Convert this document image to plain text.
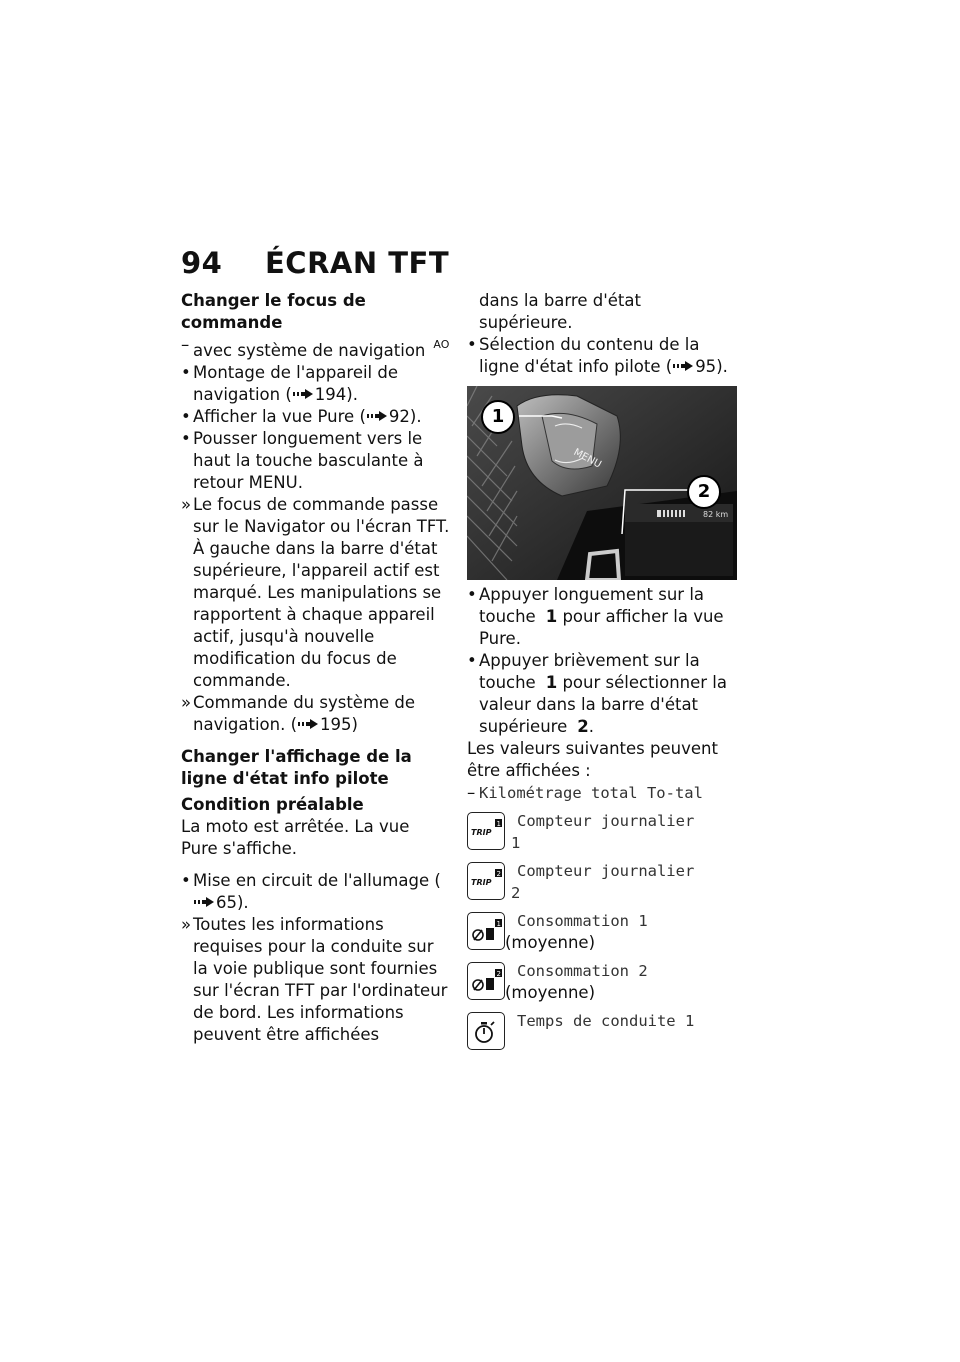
94	ÉCRAN TFT

Changer le focus de commande

– avec système de navigation $^{AO}$
• Montage de l'appareil de navigation ( 194).
• Afficher la vue Pure ( 92).
• Pousser longuement vers le haut la touche basculante à retour MENU.
» Le focus de commande passe sur le Navigator ou l'écran TFT. À gauche dans la barre d'état supérieure, l'appareil actif est marqué. Les manipulations se rapportent à chaque appareil actif, jusqu'à nouvelle modification du focus de commande.
» Commande du système de navigation. ( 195)

Changer l'affichage de la ligne d'état info pilote

Condition préalable

La moto est arrêtée. La vue Pure s'affiche.

• Mise en circuit de l'allumage (65).
» Toutes les informations requises pour la conduite sur la voie publique sont fournies sur l'écran TFT par l'ordinateur de bord. Les informations peuvent être affichées
dans la barre d'état supérieure.
• Sélection du contenu de la ligne d'état info pilote ( 95).
MENU
82 km
1
2
• Appuyer longuement sur la touche 1 pour afficher la vue Pure.
• Appuyer brièvement sur la touche 1 pour sélectionner la valeur dans la barre d'état supérieure 2.

Les valeurs suivantes peuvent être affichées :

– Kilométrage total To-tal
TRIP
1	Compteur journalier
1
TRIP
2	Compteur journalier
2
1	Consommation 1
(moyenne)
2	Consommation 2
(moyenne)
Temps de conduite 1
